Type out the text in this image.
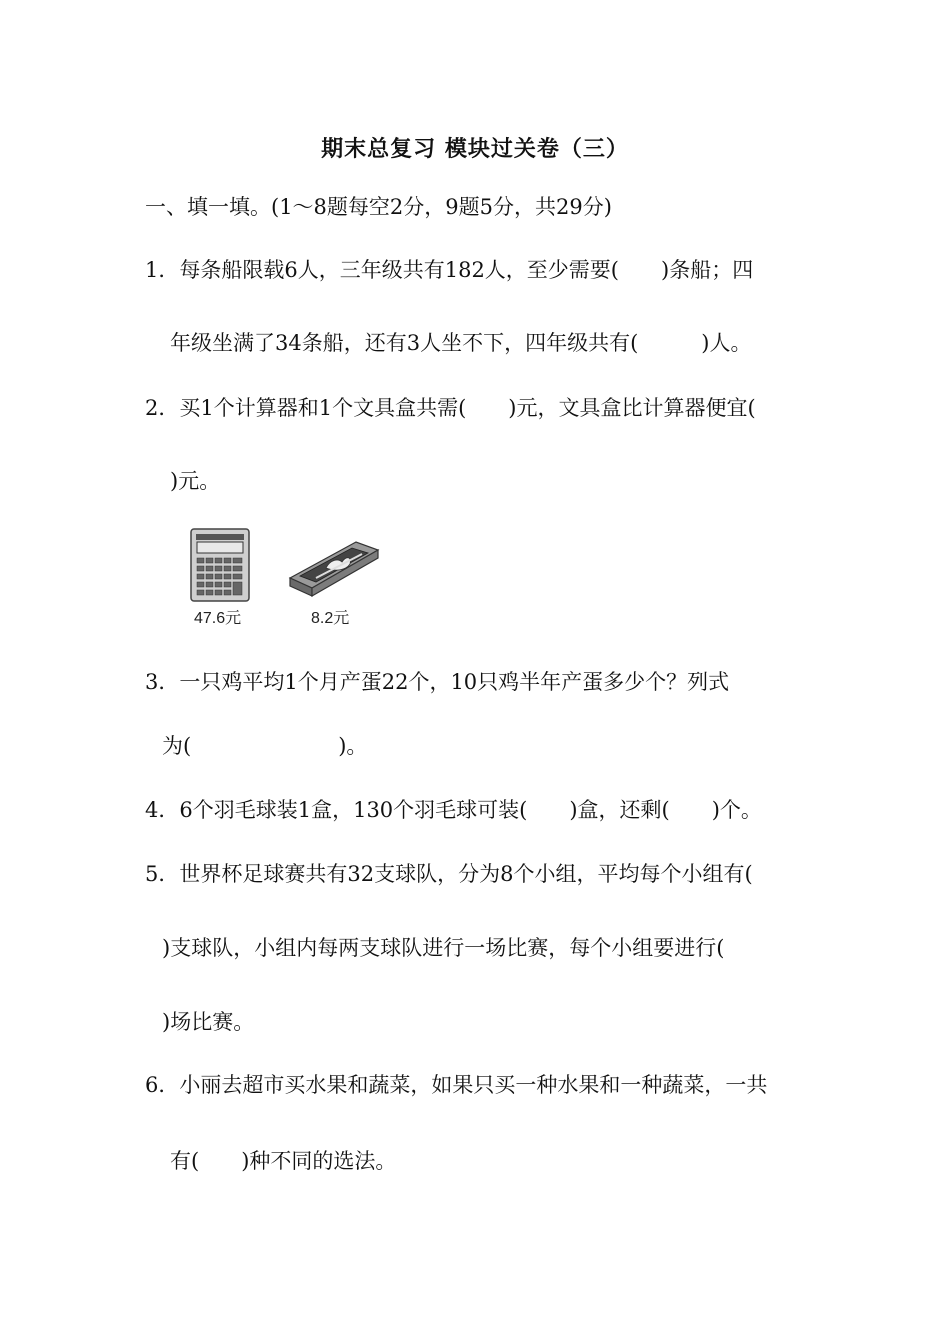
期末总复习 模块过关卷（三）
一、填一填。(1～8题每空2分，9题5分，共29分)
1．每条船限载6人，三年级共有182人，至少需要(　　)条船；四
年级坐满了34条船，还有3人坐不下，四年级共有(　　　)人。
2．买1个计算器和1个文具盒共需(　　)元，文具盒比计算器便宜(
)元。
47.6元	8.2元
3．一只鸡平均1个月产蛋22个，10只鸡半年产蛋多少个？列式
为(　　　　　　　)。
4．6个羽毛球装1盒，130个羽毛球可装(　　)盒，还剩(　　)个。
5．世界杯足球赛共有32支球队，分为8个小组，平均每个小组有(
)支球队，小组内每两支球队进行一场比赛，每个小组要进行(
)场比赛。
6．小丽去超市买水果和蔬菜，如果只买一种水果和一种蔬菜，一共
有(　　)种不同的选法。
